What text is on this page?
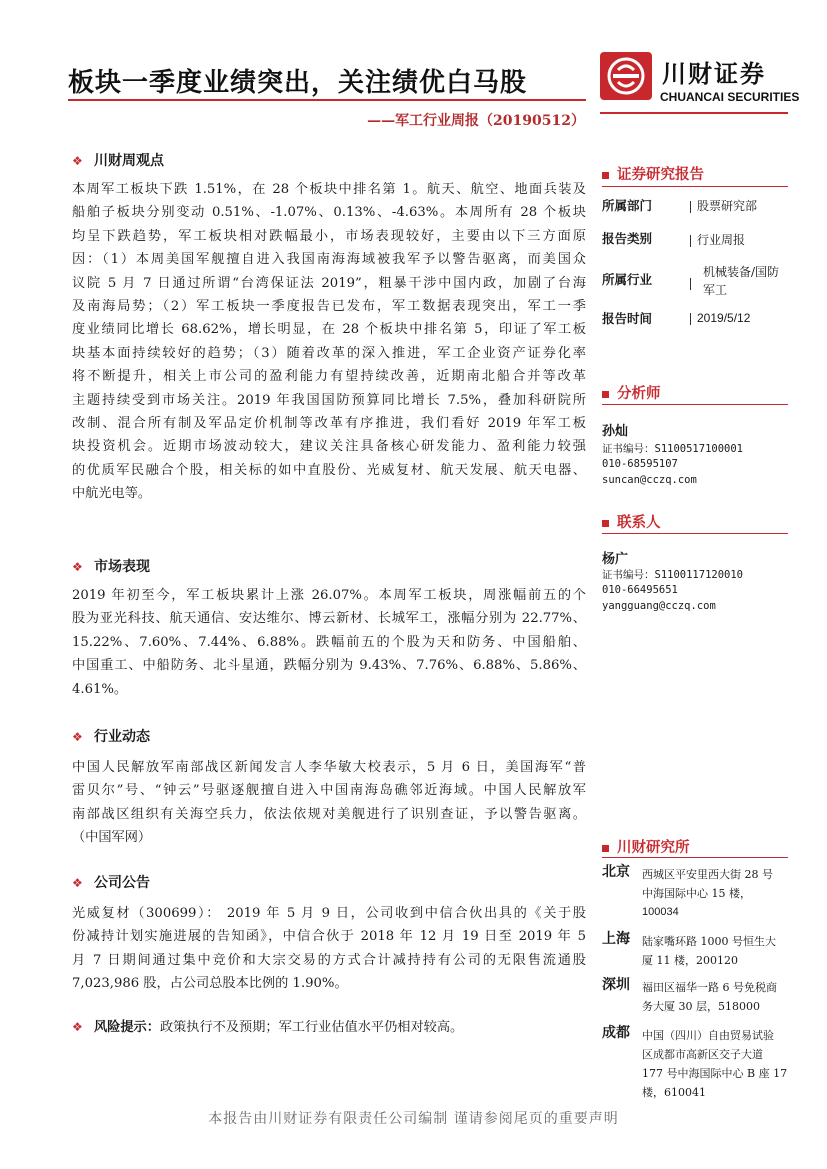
板块一季度业绩突出，关注绩优白马股
——军工行业周报（20190512）
川财证券
CHUANCAI SECURITIES
❖ 川财周观点
本周军工板块下跌 1.51%，在 28 个板块中排名第 1。航天、航空、地面兵装及
船舶子板块分别变动 0.51%、-1.07%、0.13%、-4.63%。本周所有 28 个板块
均呈下跌趋势，军工板块相对跌幅最小，市场表现较好，主要由以下三方面原
因：（1）本周美国军舰擅自进入我国南海海域被我军予以警告驱离，而美国众
议院 5 月 7 日通过所谓“台湾保证法 2019”，粗暴干涉中国内政，加剧了台海
及南海局势；（2）军工板块一季度报告已发布，军工数据表现突出，军工一季
度业绩同比增长 68.62%，增长明显，在 28 个板块中排名第 5，印证了军工板
块基本面持续较好的趋势；（3）随着改革的深入推进，军工企业资产证券化率
将不断提升，相关上市公司的盈利能力有望持续改善，近期南北船合并等改革
主题持续受到市场关注。2019 年我国国防预算同比增长 7.5%，叠加科研院所
改制、混合所有制及军品定价机制等改革有序推进，我们看好 2019 年军工板
块投资机会。近期市场波动较大，建议关注具备核心研发能力、盈利能力较强
的优质军民融合个股，相关标的如中直股份、光威复材、航天发展、航天电器、
中航光电等。
❖ 市场表现
2019 年初至今，军工板块累计上涨 26.07%。本周军工板块，周涨幅前五的个
股为亚光科技、航天通信、安达维尔、博云新材、长城军工，涨幅分别为 22.77%、
15.22%、7.60%、7.44%、6.88%。跌幅前五的个股为天和防务、中国船舶、
中国重工、中船防务、北斗星通，跌幅分别为 9.43%、7.76%、6.88%、5.86%、
4.61%。
❖ 行业动态
中国人民解放军南部战区新闻发言人李华敏大校表示，5 月 6 日，美国海军“普
雷贝尔”号、“钟云”号驱逐舰擅自进入中国南海岛礁邻近海域。中国人民解放军
南部战区组织有关海空兵力，依法依规对美舰进行了识别查证，予以警告驱离。
（中国军网）
❖ 公司公告
光威复材（300699）： 2019 年 5 月 9 日，公司收到中信合伙出具的《关于股
份减持计划实施进展的告知函》，中信合伙于 2018 年 12 月 19 日至 2019 年 5
月 7 日期间通过集中竞价和大宗交易的方式合计减持持有公司的无限售流通股
7,023,986 股，占公司总股本比例的 1.90%。
❖ 风险提示：政策执行不及预期；军工行业估值水平仍相对较高。
证券研究报告
所属部门	股票研究部
报告类别	行业周报
所属行业	机械装备/国防
军工
报告时间	2019/5/12
分析师
孙灿
证书编号：S1100517100001
010-68595107
suncan@cczq.com
联系人
杨广
证书编号：S1100117120010
010-66495651
yangguang@cczq.com
川财研究所
北京 西城区平安里西大街 28 号
中海国际中心 15 楼，
100034
上海 陆家嘴环路 1000 号恒生大
厦 11 楼，200120
深圳 福田区福华一路 6 号免税商
务大厦 30 层，518000
成都 中国（四川）自由贸易试验
区成都市高新区交子大道
177 号中海国际中心 B 座 17
楼，610041
本报告由川财证券有限责任公司编制 谨请参阅尾页的重要声明
